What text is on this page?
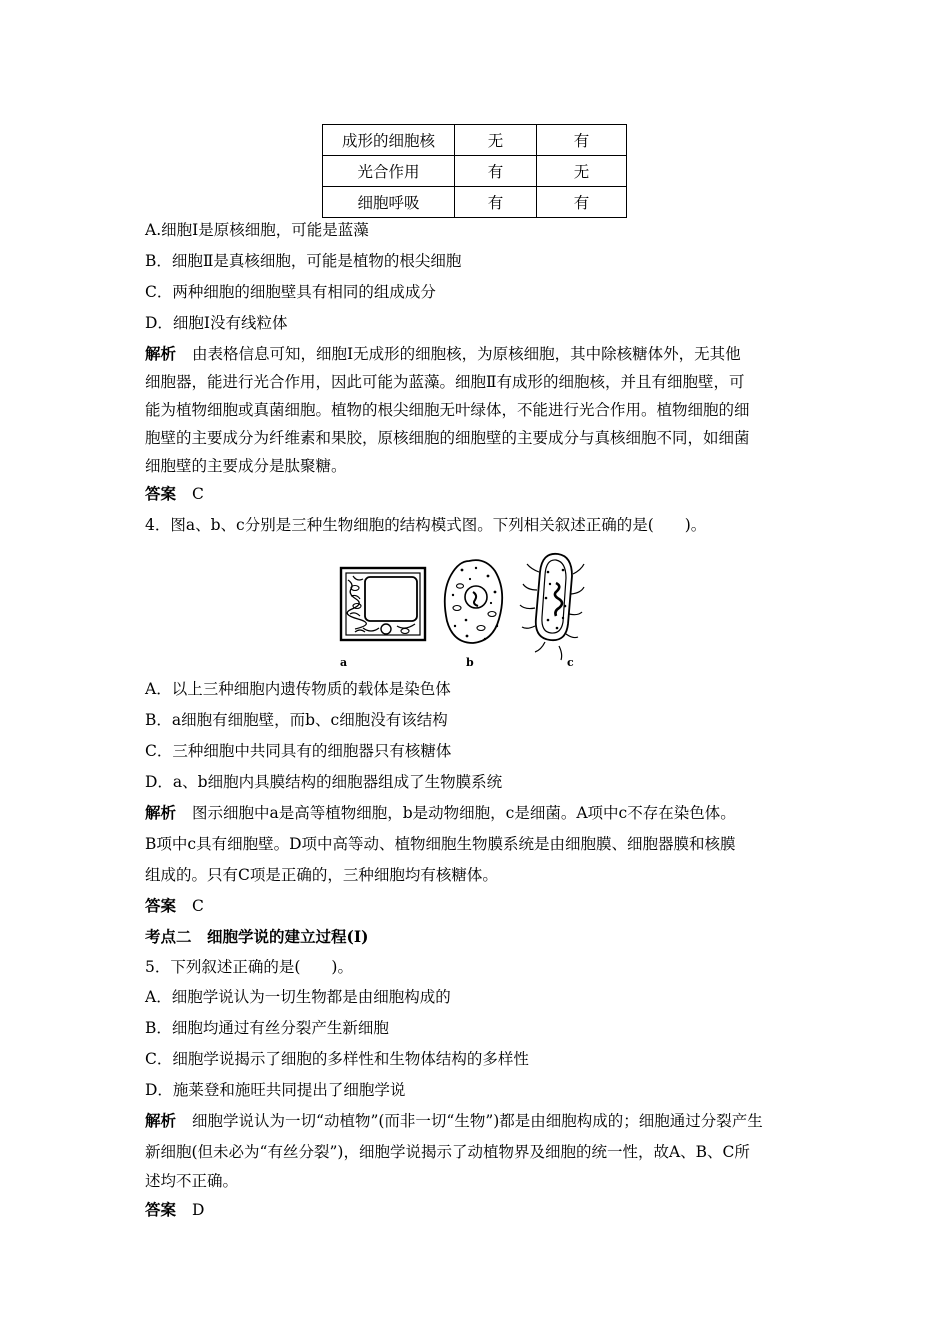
成形的细胞核	无	有
光合作用	有	无
细胞呼吸	有	有
A.细胞Ⅰ是原核细胞，可能是蓝藻
B．细胞Ⅱ是真核细胞，可能是植物的根尖细胞
C．两种细胞的细胞壁具有相同的组成成分
D．细胞Ⅰ没有线粒体
解析 由表格信息可知，细胞Ⅰ无成形的细胞核，为原核细胞，其中除核糖体外，无其他
细胞器，能进行光合作用，因此可能为蓝藻。细胞Ⅱ有成形的细胞核，并且有细胞壁，可
能为植物细胞或真菌细胞。植物的根尖细胞无叶绿体，不能进行光合作用。植物细胞的细
胞壁的主要成分为纤维素和果胶，原核细胞的细胞壁的主要成分与真核细胞不同，如细菌
细胞壁的主要成分是肽聚糖。
答案 C
4．图a、b、c分别是三种生物细胞的结构模式图。下列相关叙述正确的是(　　)。
a	b	c
A．以上三种细胞内遗传物质的载体是染色体
B．a细胞有细胞壁，而b、c细胞没有该结构
C．三种细胞中共同具有的细胞器只有核糖体
D．a、b细胞内具膜结构的细胞器组成了生物膜系统
解析 图示细胞中a是高等植物细胞，b是动物细胞，c是细菌。A项中c不存在染色体。
B项中c具有细胞壁。D项中高等动、植物细胞生物膜系统是由细胞膜、细胞器膜和核膜
组成的。只有C项是正确的，三种细胞均有核糖体。
答案 C
考点二　细胞学说的建立过程(Ⅰ)
5．下列叙述正确的是(　　)。
A．细胞学说认为一切生物都是由细胞构成的
B．细胞均通过有丝分裂产生新细胞
C．细胞学说揭示了细胞的多样性和生物体结构的多样性
D．施莱登和施旺共同提出了细胞学说
解析 细胞学说认为一切“动植物”(而非一切“生物”)都是由细胞构成的；细胞通过分裂产生
新细胞(但未必为“有丝分裂”)，细胞学说揭示了动植物界及细胞的统一性，故A、B、C所
述均不正确。
答案 D
